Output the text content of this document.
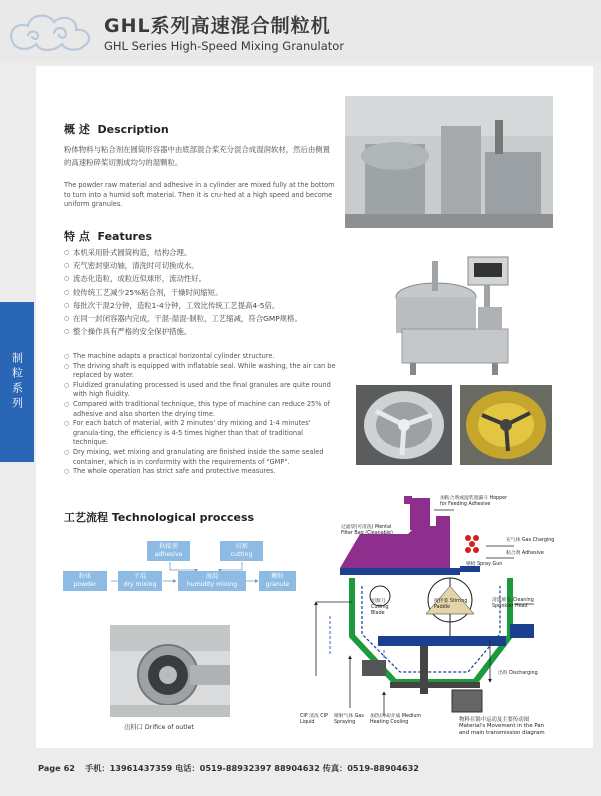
GHL系列高速混合制粒机
GHL Series High-Speed Mixing Granulator
制粒系列
概 述 Description
粉体物料与粘合剂在圆筒形容器中由底部混合桨充分混合成湿润软材，然后由侧置的高速粉碎桨切割成均匀的湿颗粒。
The powder raw material and adhesive in a cylinder are mixed fully at the bottom to turn into a humid soft material. Then it is cru-hed at a high speed and become uniform granules.
特 点 Features
○ 本机采用卧式圆筒构造，结构合理。
○ 充气密封驱动轴，清洗时可切换成水。
○ 流态化造粒，成粒近似球形，流动性好。
○ 较传统工艺减少25%粘合剂，干燥时间缩短。
○ 每批次干混2分钟，造粒1-4分钟，工效比传统工艺提高4-5倍。
○ 在同一封闭容器内完成，干混-湿混-制粒，工艺缩减，符合GMP规格。
○ 整个操作具有严格的安全保护措施。
○ The machine adapts a practical horizontal cylinder structure.
○ The driving shaft is equipped with inflatable seal. While washing, the air can be replaced by water.
○ Fluidized granulating processed is used and the final granules are quite round with high fluidity.
○ Compared with traditional technique, this type of machine can reduce 25% of adhesive and also shorten the drying time.
○ For each batch of material, with 2 minutes' dry mixing and 1-4 minutes' granula-ting, the efficiency is 4-5 times higher than that of traditional technique.
○ Dry mixing, wet mixing and granulating are finished inside the same sealed container, which is in conformity with the requirements of "GMP".
○ The whole operation has strict safe and protective measures.
工艺流程 Technological proccess
粘接剂
adhesive
切割
cutting
粉体
powder
干混
dry mixing
湿混
humidity mixing
颗粒
granule
出料口 Drifice of outlet
加粘合剂或湿装置漏斗 Hopper for Feeding Adhesive
过滤袋(可清洗) Mental Filter Bag (Cleanable)
充气体 Gas Charging
粘合剂 Adhesive
喷枪 Spray Gun
切割刀 Cutting Blade
搅拌桨 Stirring Paddle
清洗喷头 Cleaning Sprinkler Head
出料 Discharging
CIP 清洗 CIP Liquid
喷射气体 Gas Spraying
加热/冷却介质 Medium Heating Cooling	物料在锅中运动及主要传动图
Material's Movement in the Pan and main transmission diagram
Page 62 手机：13961437359 电话：0519-88932397 88904632 传真：0519-88904632
